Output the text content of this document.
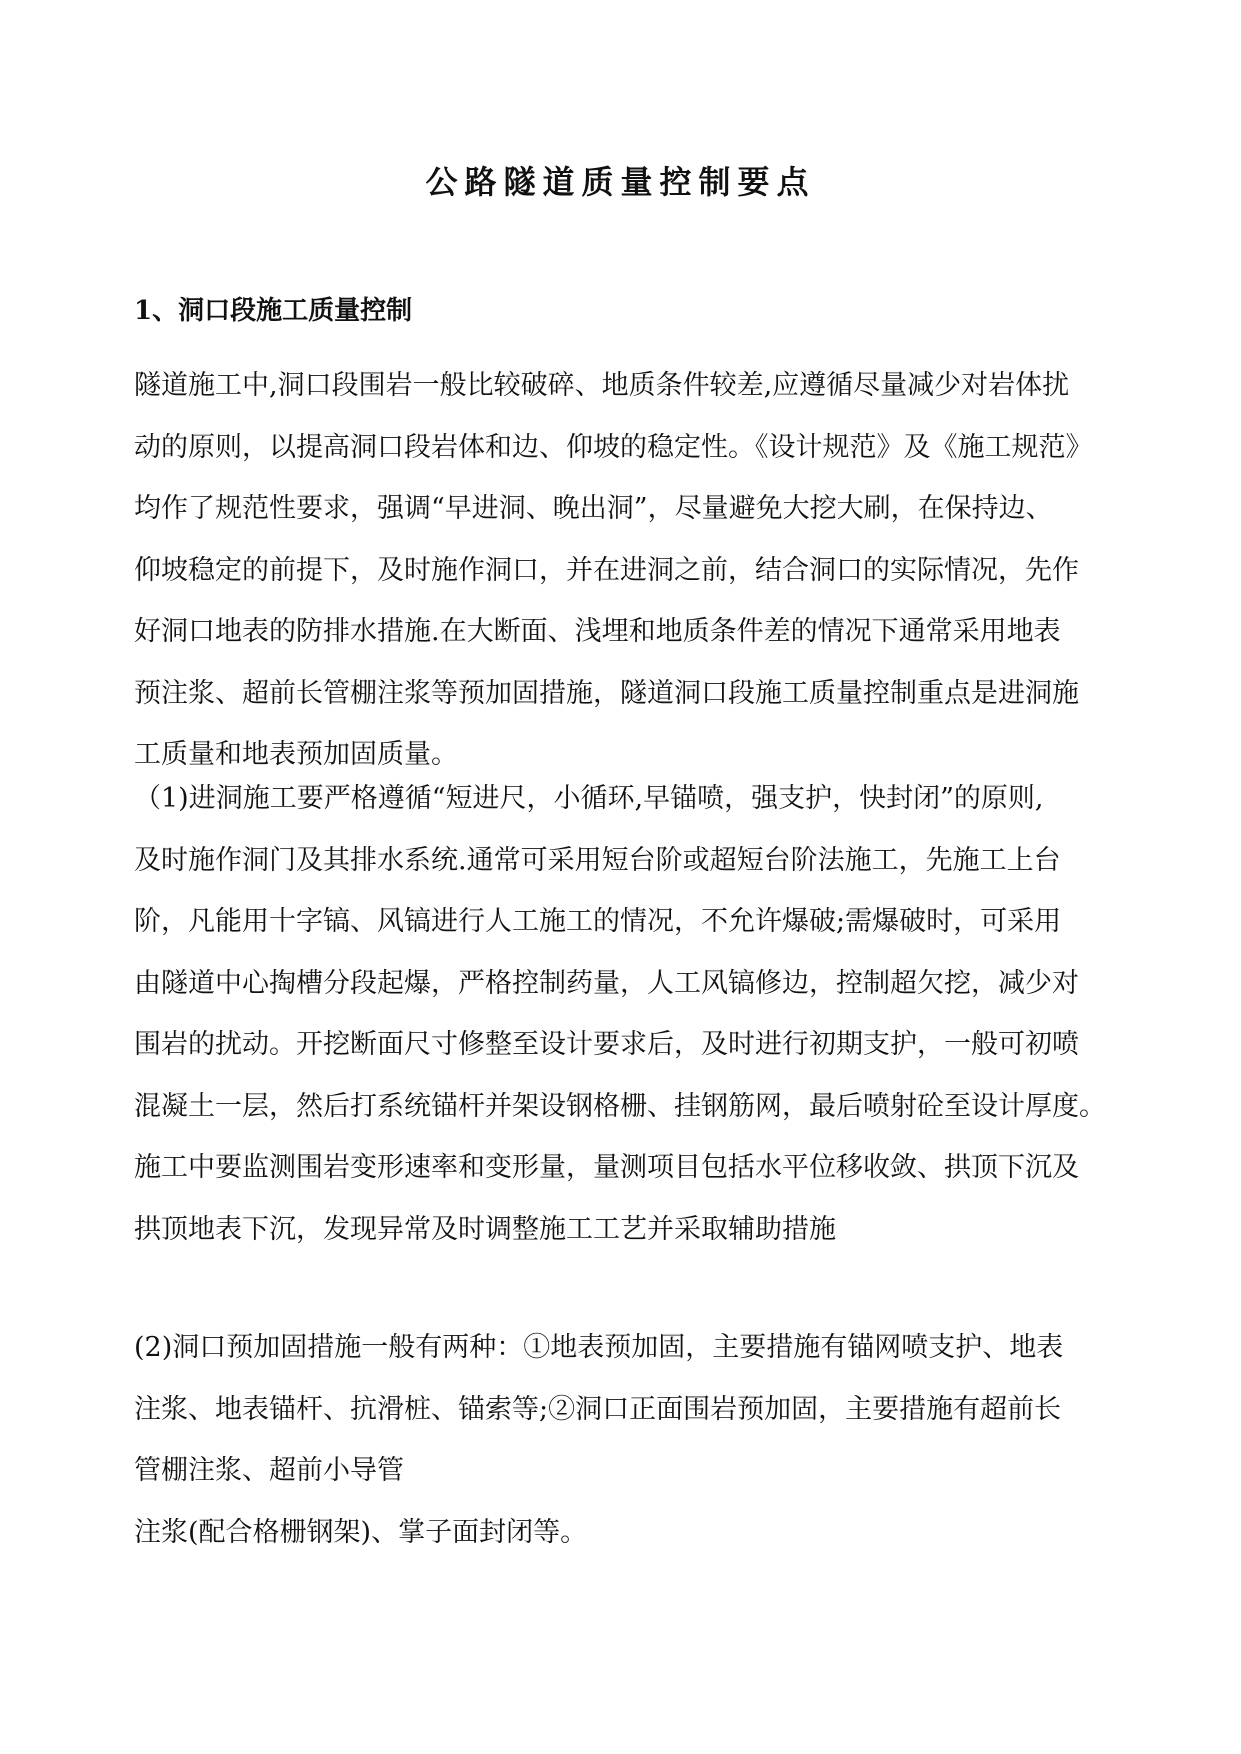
公路隧道质量控制要点
1、洞口段施工质量控制
隧道施工中,洞口段围岩一般比较破碎、地质条件较差,应遵循尽量减少对岩体扰
动的原则，以提高洞口段岩体和边、仰坡的稳定性。《设计规范》及《施工规范》
均作了规范性要求，强调“早进洞、晚出洞”，尽量避免大挖大刷，在保持边、
仰坡稳定的前提下，及时施作洞口，并在进洞之前，结合洞口的实际情况，先作
好洞口地表的防排水措施.在大断面、浅埋和地质条件差的情况下通常采用地表
预注浆、超前长管棚注浆等预加固措施，隧道洞口段施工质量控制重点是进洞施
工质量和地表预加固质量。
（1)进洞施工要严格遵循“短进尺，小循环,早锚喷，强支护，快封闭”的原则,
及时施作洞门及其排水系统.通常可采用短台阶或超短台阶法施工，先施工上台
阶，凡能用十字镐、风镐进行人工施工的情况，不允许爆破;需爆破时，可采用
由隧道中心掏槽分段起爆，严格控制药量，人工风镐修边，控制超欠挖，减少对
围岩的扰动。开挖断面尺寸修整至设计要求后，及时进行初期支护，一般可初喷
混凝土一层，然后打系统锚杆并架设钢格栅、挂钢筋网，最后喷射砼至设计厚度。
施工中要监测围岩变形速率和变形量，量测项目包括水平位移收敛、拱顶下沉及
拱顶地表下沉，发现异常及时调整施工工艺并采取辅助措施
(2)洞口预加固措施一般有两种：①地表预加固，主要措施有锚网喷支护、地表
注浆、地表锚杆、抗滑桩、锚索等;②洞口正面围岩预加固，主要措施有超前长
管棚注浆、超前小导管
注浆(配合格栅钢架)、掌子面封闭等。
